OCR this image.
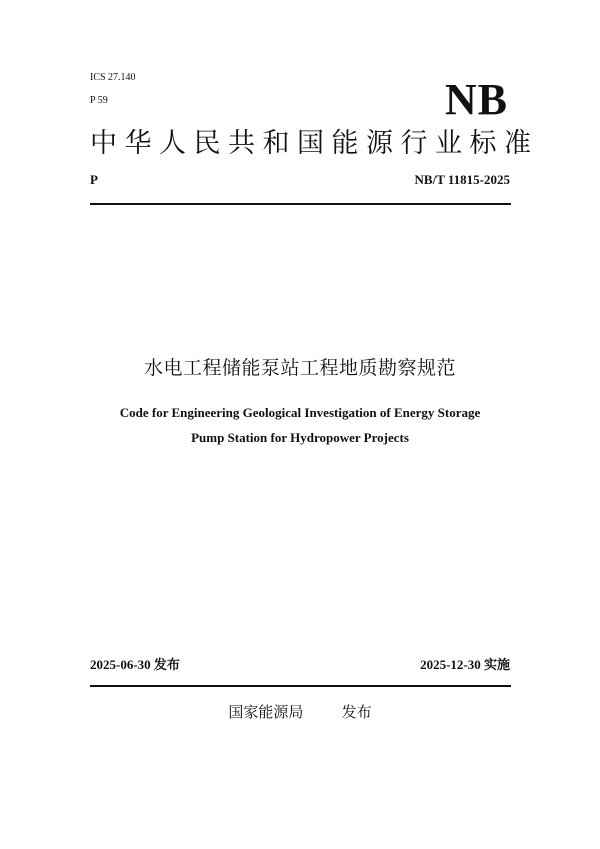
ICS 27.140
P 59	NB
中华人民共和国能源行业标准
P	NB/T 11815-2025
水电工程储能泵站工程地质勘察规范
Code for Engineering Geological Investigation of Energy Storage
Pump Station for Hydropower Projects
2025-06-30 发布	2025-12-30 实施
国家能源局	发布
